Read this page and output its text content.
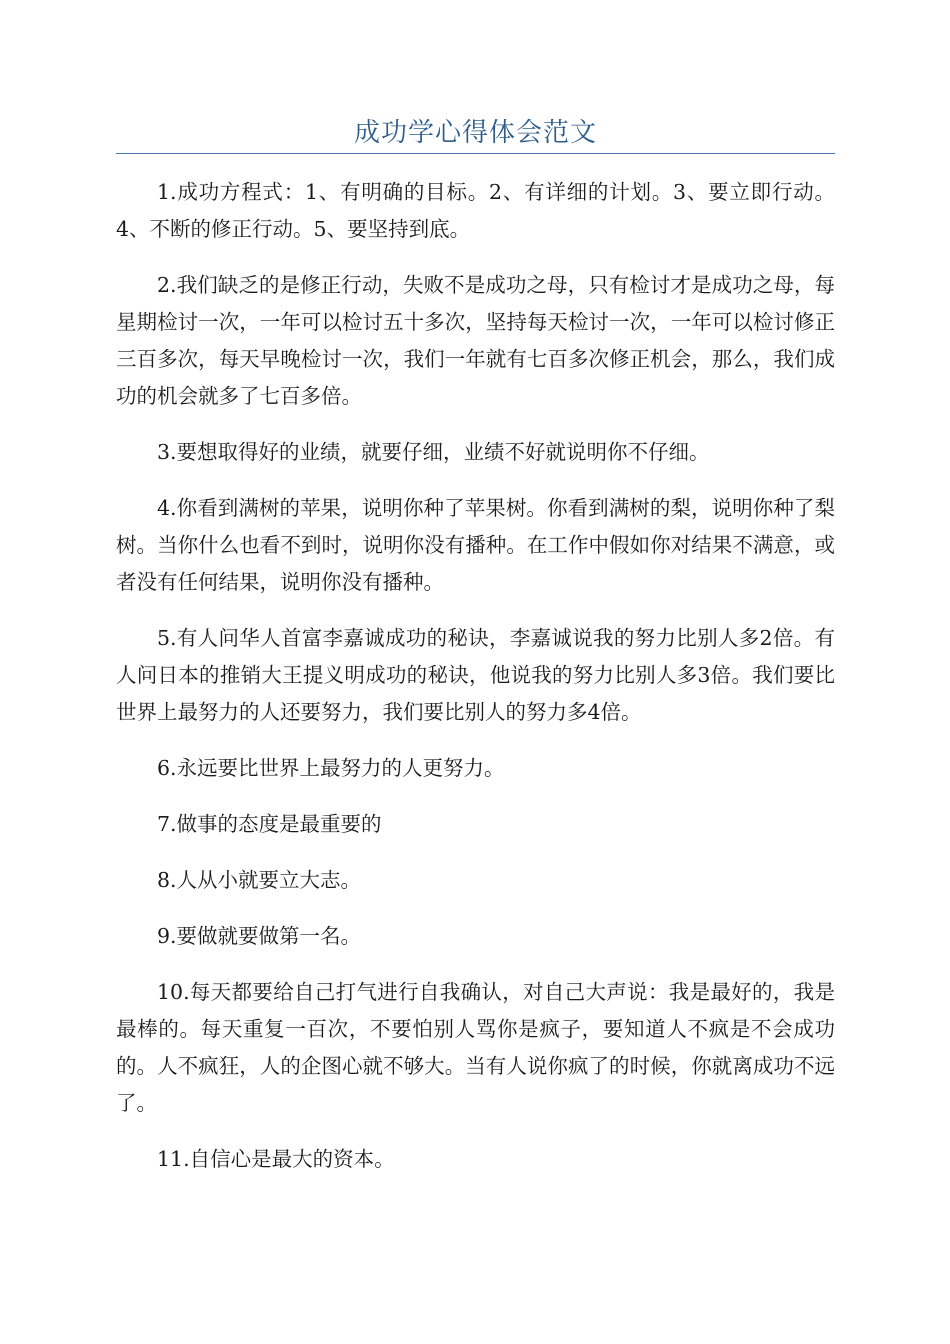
成功学心得体会范文

1.成功方程式：1、有明确的目标。2、有详细的计划。3、要立即行动。4、不断的修正行动。5、要坚持到底。

2.我们缺乏的是修正行动，失败不是成功之母，只有检讨才是成功之母，每星期检讨一次，一年可以检讨五十多次，坚持每天检讨一次，一年可以检讨修正三百多次，每天早晚检讨一次，我们一年就有七百多次修正机会，那么，我们成功的机会就多了七百多倍。

3.要想取得好的业绩，就要仔细，业绩不好就说明你不仔细。

4.你看到满树的苹果，说明你种了苹果树。你看到满树的梨，说明你种了梨树。当你什么也看不到时，说明你没有播种。在工作中假如你对结果不满意，或者没有任何结果，说明你没有播种。

5.有人问华人首富李嘉诚成功的秘诀，李嘉诚说我的努力比别人多2倍。有人问日本的推销大王提义明成功的秘诀，他说我的努力比别人多3倍。我们要比世界上最努力的人还要努力，我们要比别人的努力多4倍。

6.永远要比世界上最努力的人更努力。

7.做事的态度是最重要的

8.人从小就要立大志。

9.要做就要做第一名。

10.每天都要给自己打气进行自我确认，对自己大声说：我是最好的，我是最棒的。每天重复一百次，不要怕别人骂你是疯子，要知道人不疯是不会成功的。人不疯狂，人的企图心就不够大。当有人说你疯了的时候，你就离成功不远了。

11.自信心是最大的资本。
